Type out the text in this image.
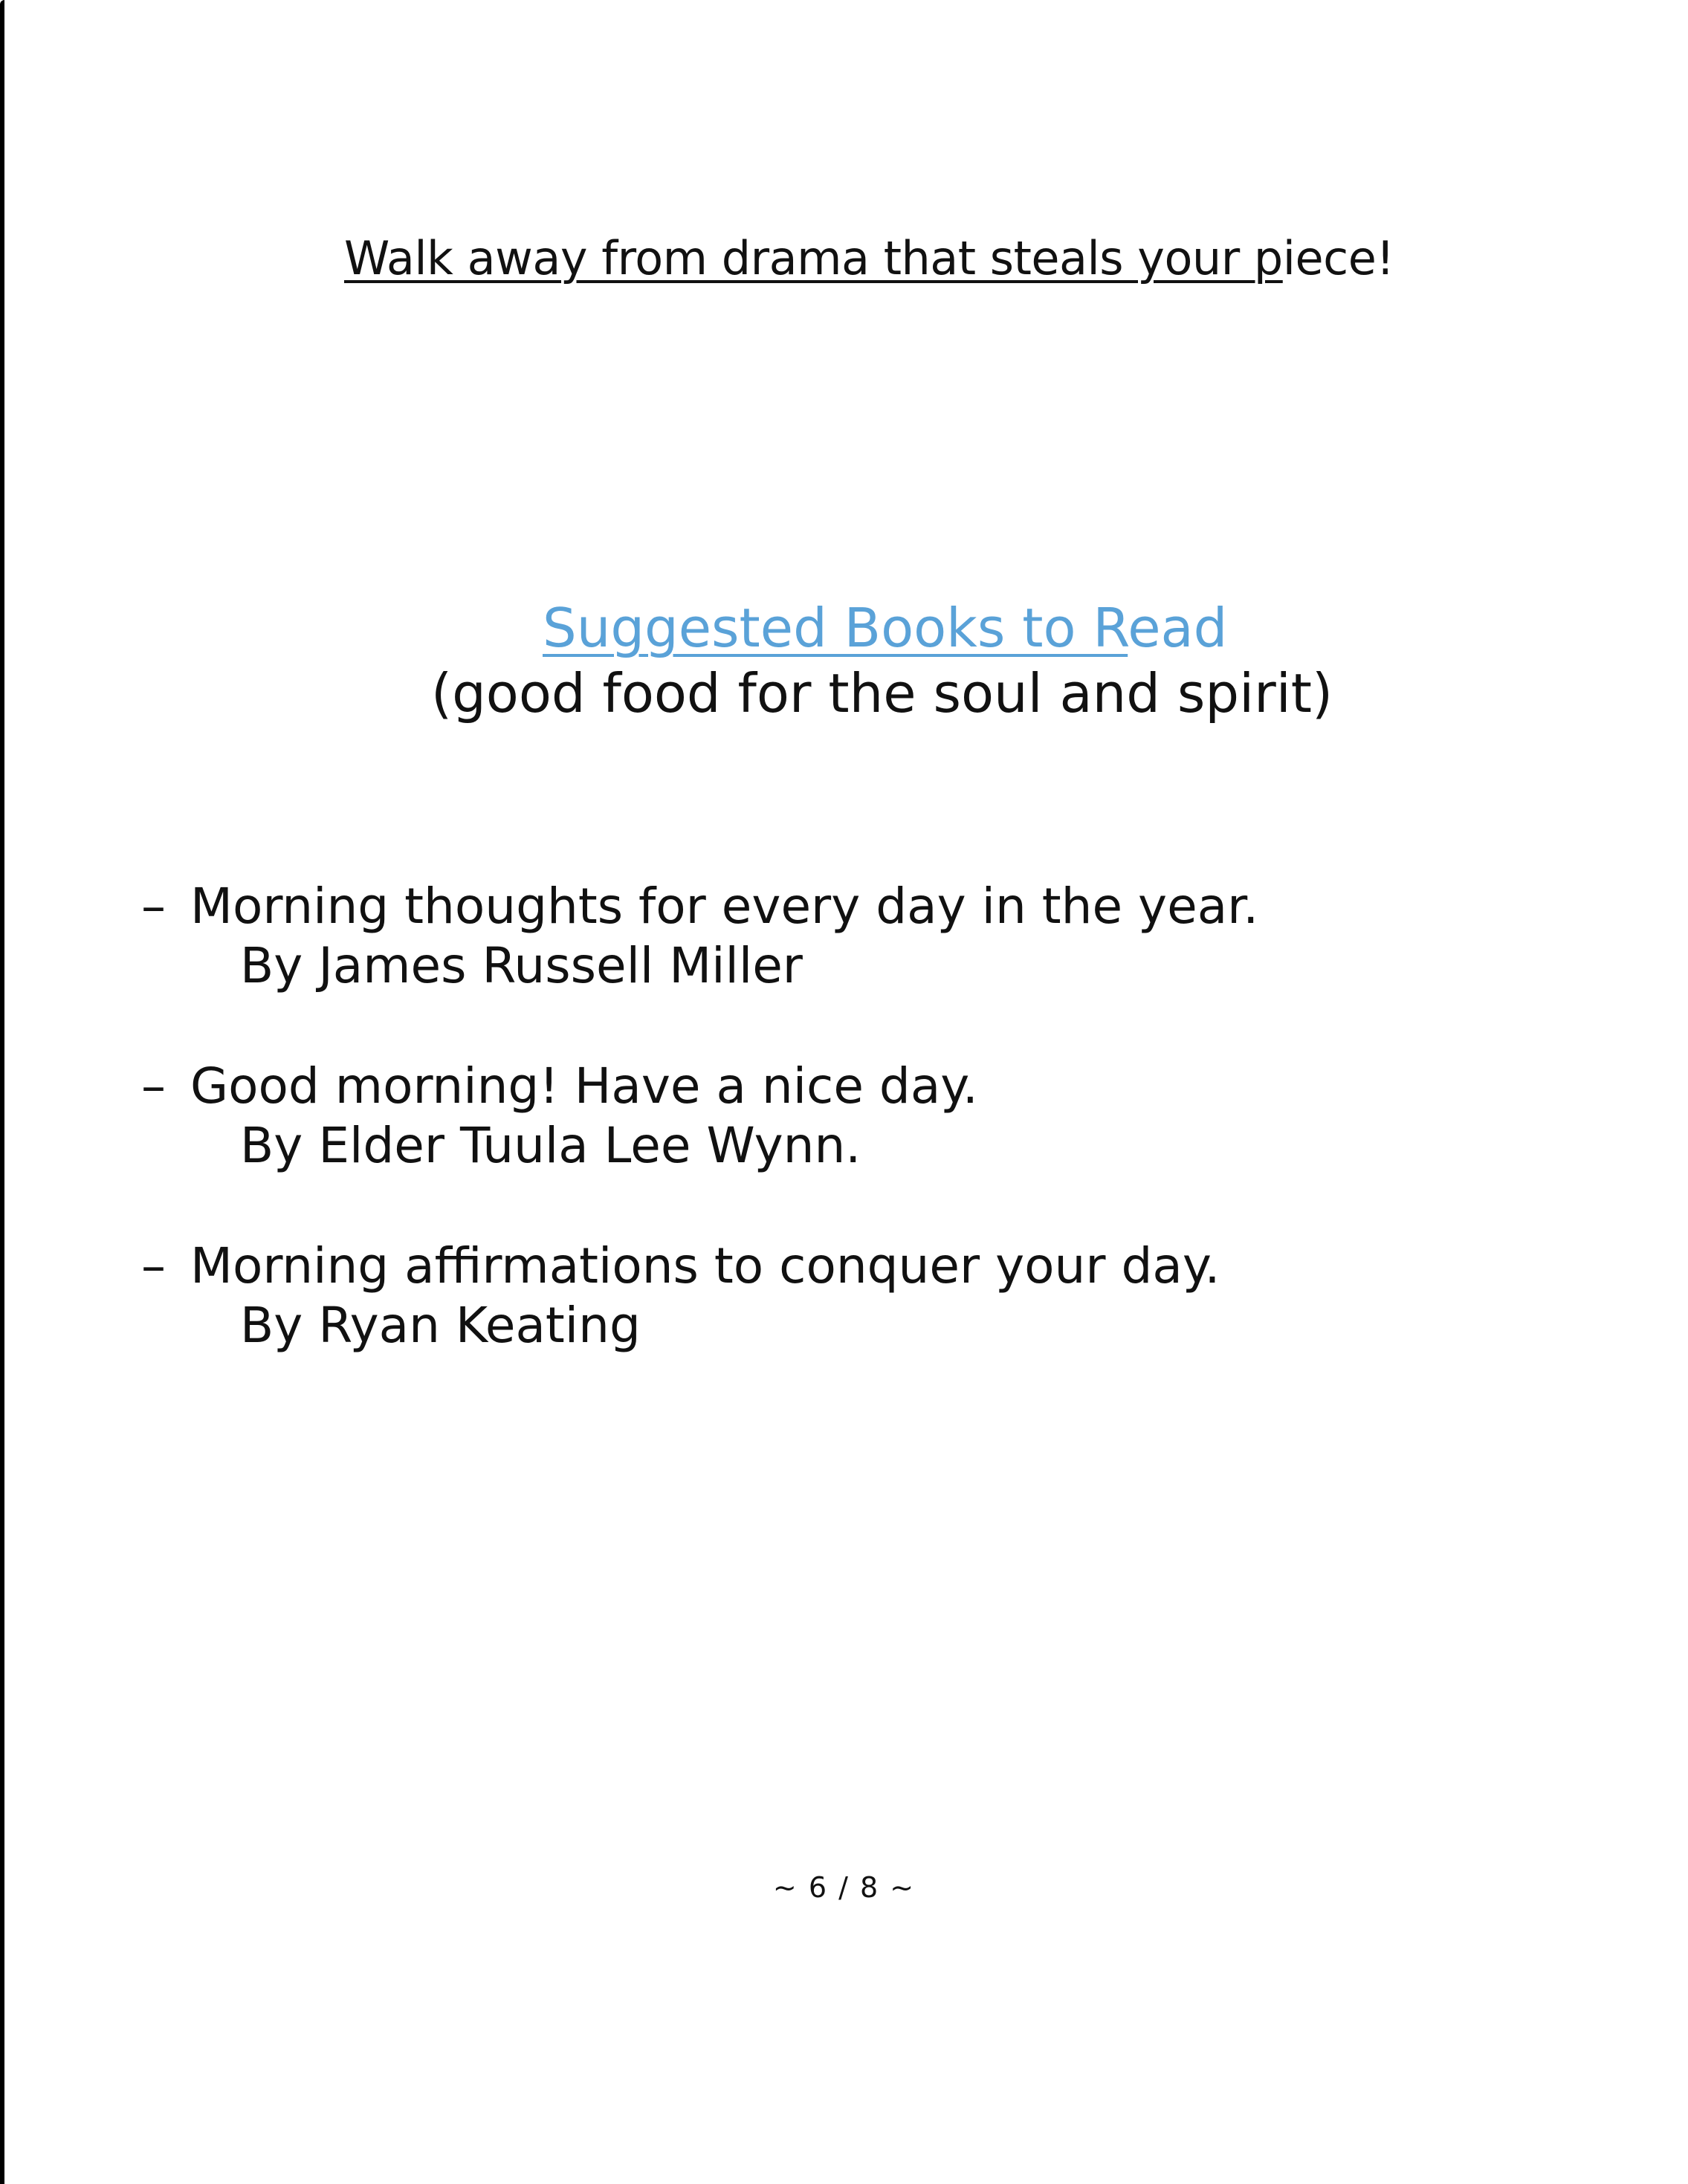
Walk away from drama that steals your piece!
Suggested Books to Read
(good food for the soul and spirit)
– Morning thoughts for every day in the year.
By James Russell Miller
– Good morning! Have a nice day.
By Elder Tuula Lee Wynn.
– Morning affirmations to conquer your day.
By Ryan Keating
~ 6 / 8 ~
